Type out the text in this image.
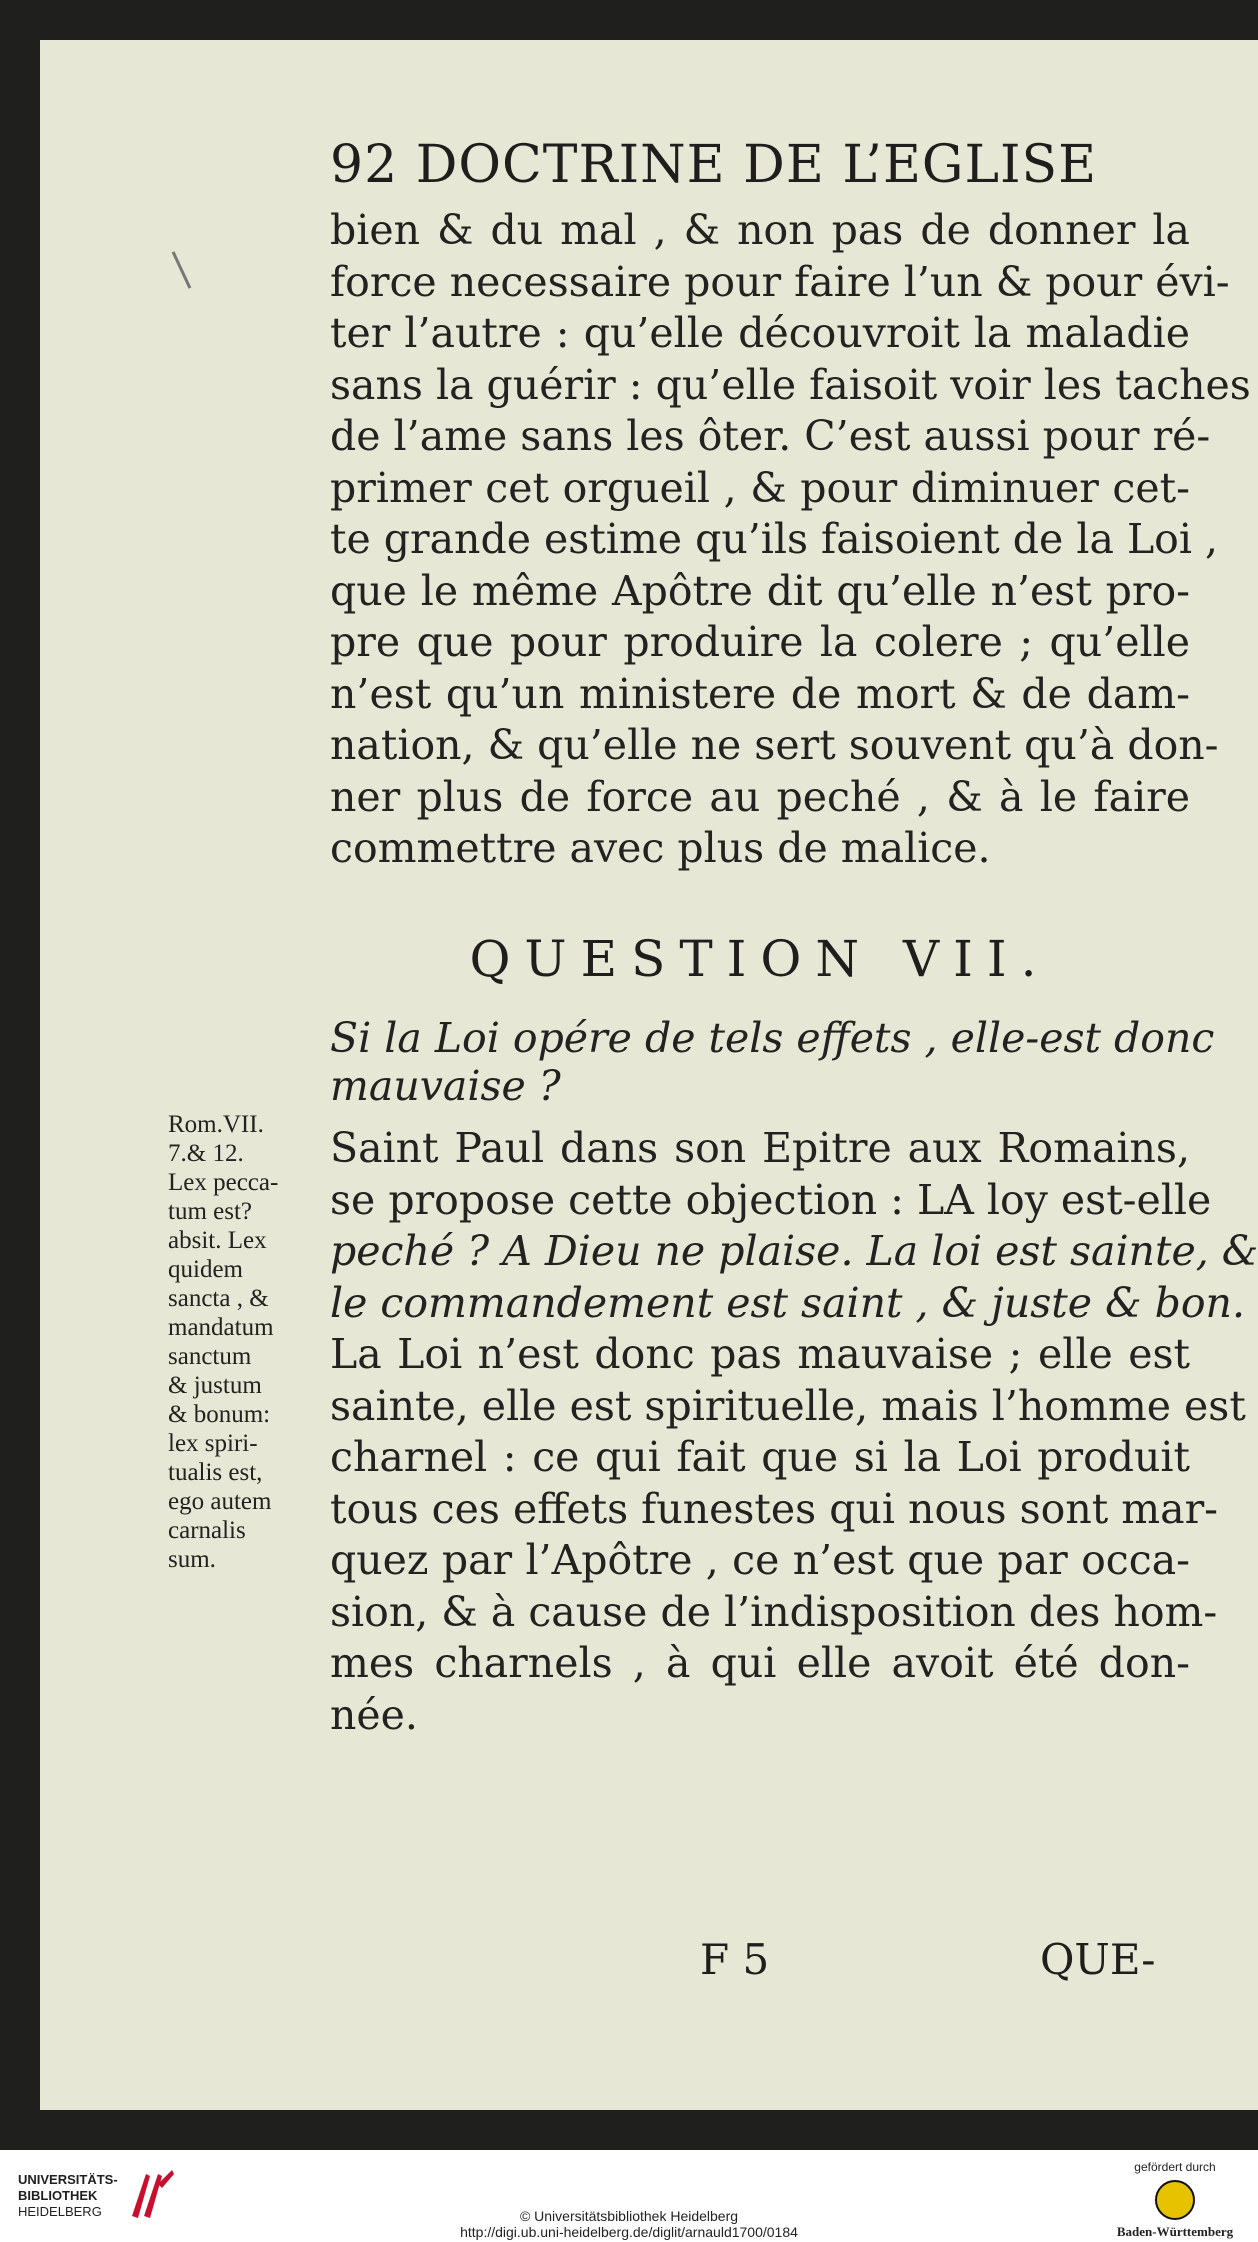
92 DOCTRINE DE L’EGLISE
bien & du mal , & non pas de donner la
force necessaire pour faire l’un & pour évi-
ter l’autre : qu’elle découvroit la maladie
sans la guérir : qu’elle faisoit voir les taches
de l’ame sans les ôter. C’est aussi pour ré-
primer cet orgueil , & pour diminuer cet-
te grande estime qu’ils faisoient de la Loi ,
que le même Apôtre dit qu’elle n’est pro-
pre que pour produire la colere ; qu’elle
n’est qu’un ministere de mort & de dam-
nation, & qu’elle ne sert souvent qu’à don-
ner plus de force au peché , & à le faire
commettre avec plus de malice.
Si la Loi opére de tels effets , elle-est donc
mauvaise ?
Saint Paul dans son Epitre aux Romains,
se propose cette objection : LA loy est-elle
peché ? A Dieu ne plaise. La loi est sainte, &
le commandement est saint , & juste & bon.
La Loi n’est donc pas mauvaise ; elle est
sainte, elle est spirituelle, mais l’homme est
charnel : ce qui fait que si la Loi produit
tous ces effets funestes qui nous sont mar-
quez par l’Apôtre , ce n’est que par occa-
sion, & à cause de l’indisposition des hom-
mes charnels , à qui elle avoit été don-
née.
QUESTION VII.
Rom.VII.
7.& 12.
Lex pecca-
tum est?
absit. Lex
quidem
sancta , &
mandatum
sanctum
& justum
& bonum:
lex spiri-
tualis est,
ego autem
carnalis
sum.
F 5	QUE-
UNIVERSITÄTS-
BIBLIOTHEK
HEIDELBERG	© Universitätsbibliothek Heidelberg
http://digi.ub.uni-heidelberg.de/diglit/arnauld1700/0184
gefördert durch
Baden-Württemberg
